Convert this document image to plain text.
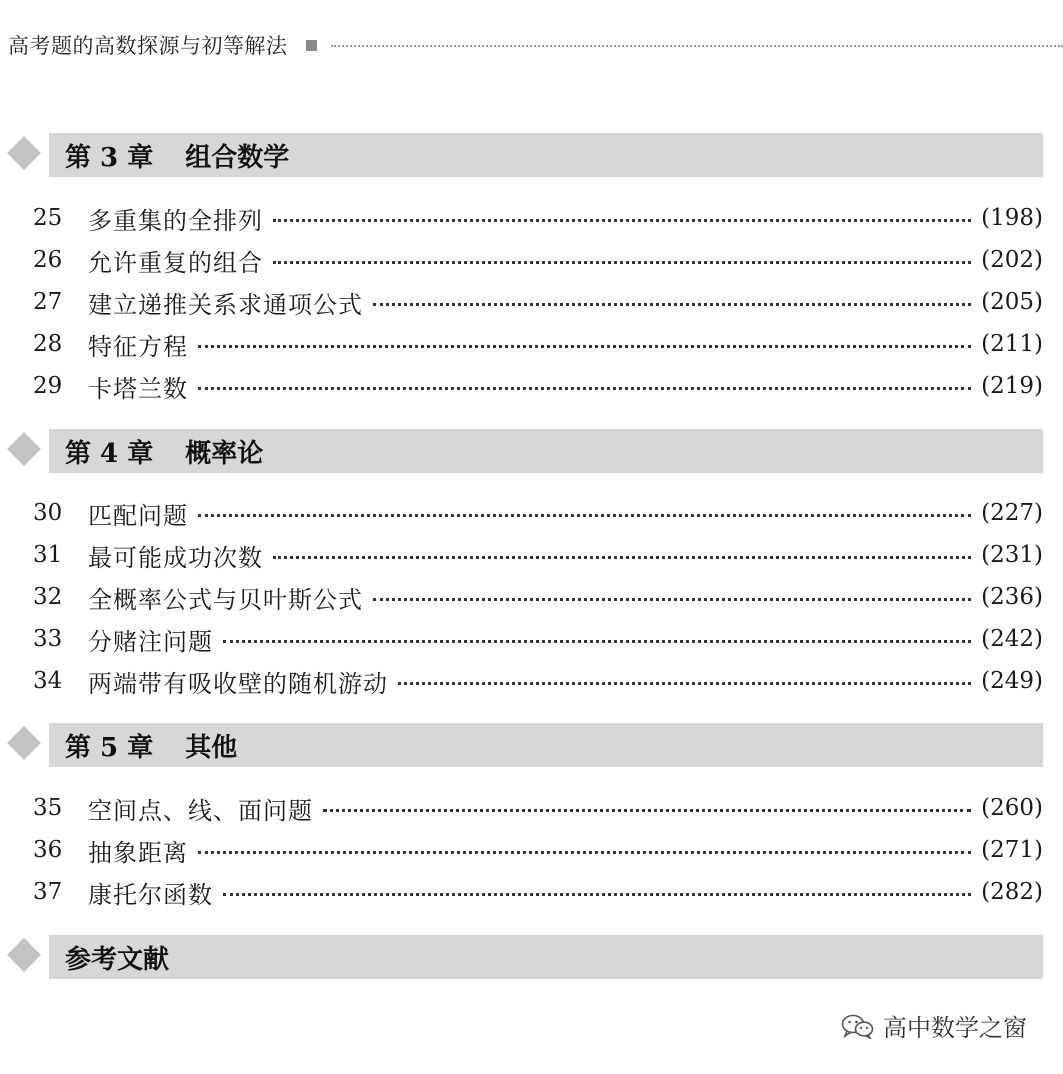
高考题的高数探源与初等解法
第 3 章 组合数学
25	多重集的全排列	(198)
26	允许重复的组合	(202)
27	建立递推关系求通项公式	(205)
28	特征方程	(211)
29	卡塔兰数	(219)
第 4 章 概率论
30	匹配问题	(227)
31	最可能成功次数	(231)
32	全概率公式与贝叶斯公式	(236)
33	分赌注问题	(242)
34	两端带有吸收壁的随机游动	(249)
第 5 章 其他
35	空间点、线、面问题	(260)
36	抽象距离	(271)
37	康托尔函数	(282)
参考文献
高中数学之窗
